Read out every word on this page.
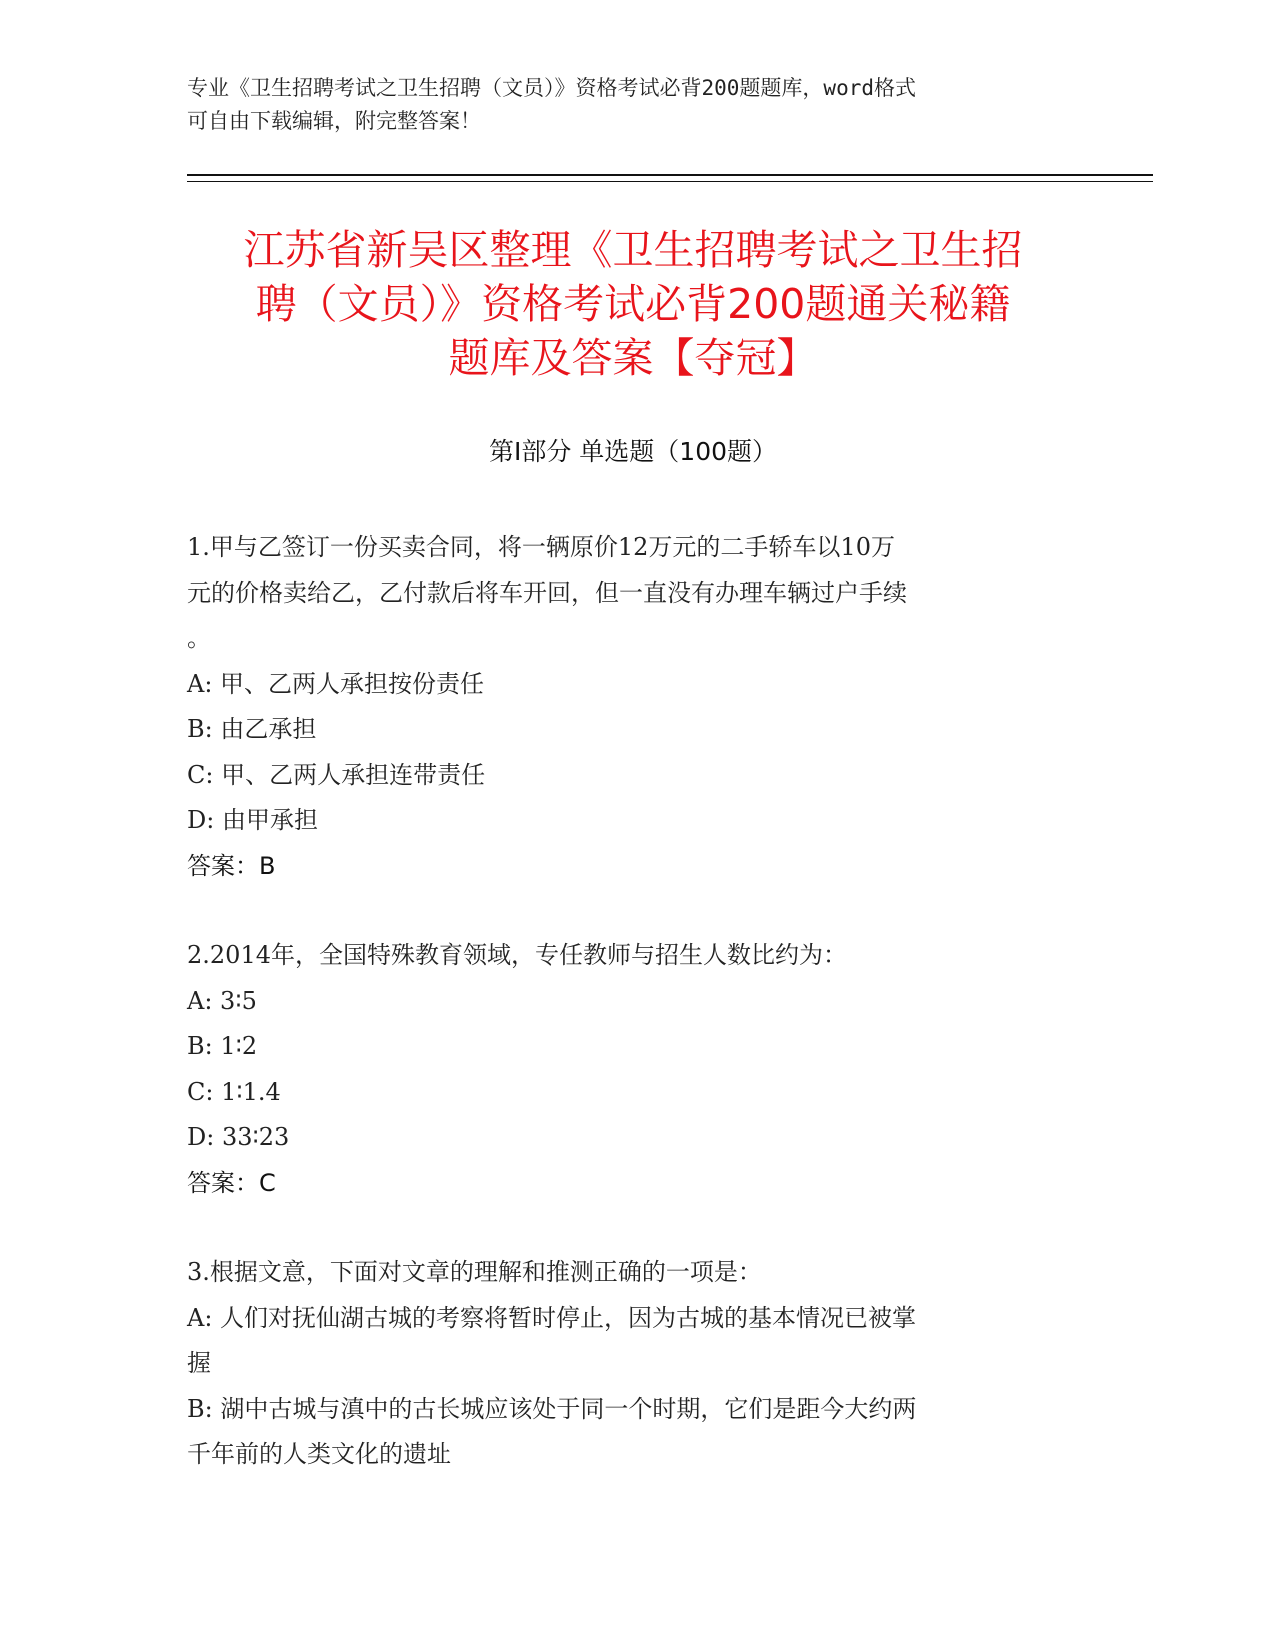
专业《卫生招聘考试之卫生招聘（文员）》资格考试必背200题题库，word格式
可自由下载编辑，附完整答案！
江苏省新吴区整理《卫生招聘考试之卫生招
聘（文员）》资格考试必背200题通关秘籍
题库及答案【夺冠】
第Ⅰ部分 单选题（100题）
1.甲与乙签订一份买卖合同，将一辆原价12万元的二手轿车以10万
元的价格卖给乙，乙付款后将车开回，但一直没有办理车辆过户手续
。
A: 甲、乙两人承担按份责任
B: 由乙承担
C: 甲、乙两人承担连带责任
D: 由甲承担
答案：B
2.2014年，全国特殊教育领域，专任教师与招生人数比约为：
A: 3∶5
B: 1∶2
C: 1∶1.4
D: 33∶23
答案：C
3.根据文意，下面对文章的理解和推测正确的一项是：
A: 人们对抚仙湖古城的考察将暂时停止，因为古城的基本情况已被掌
握
B: 湖中古城与滇中的古长城应该处于同一个时期，它们是距今大约两
千年前的人类文化的遗址
